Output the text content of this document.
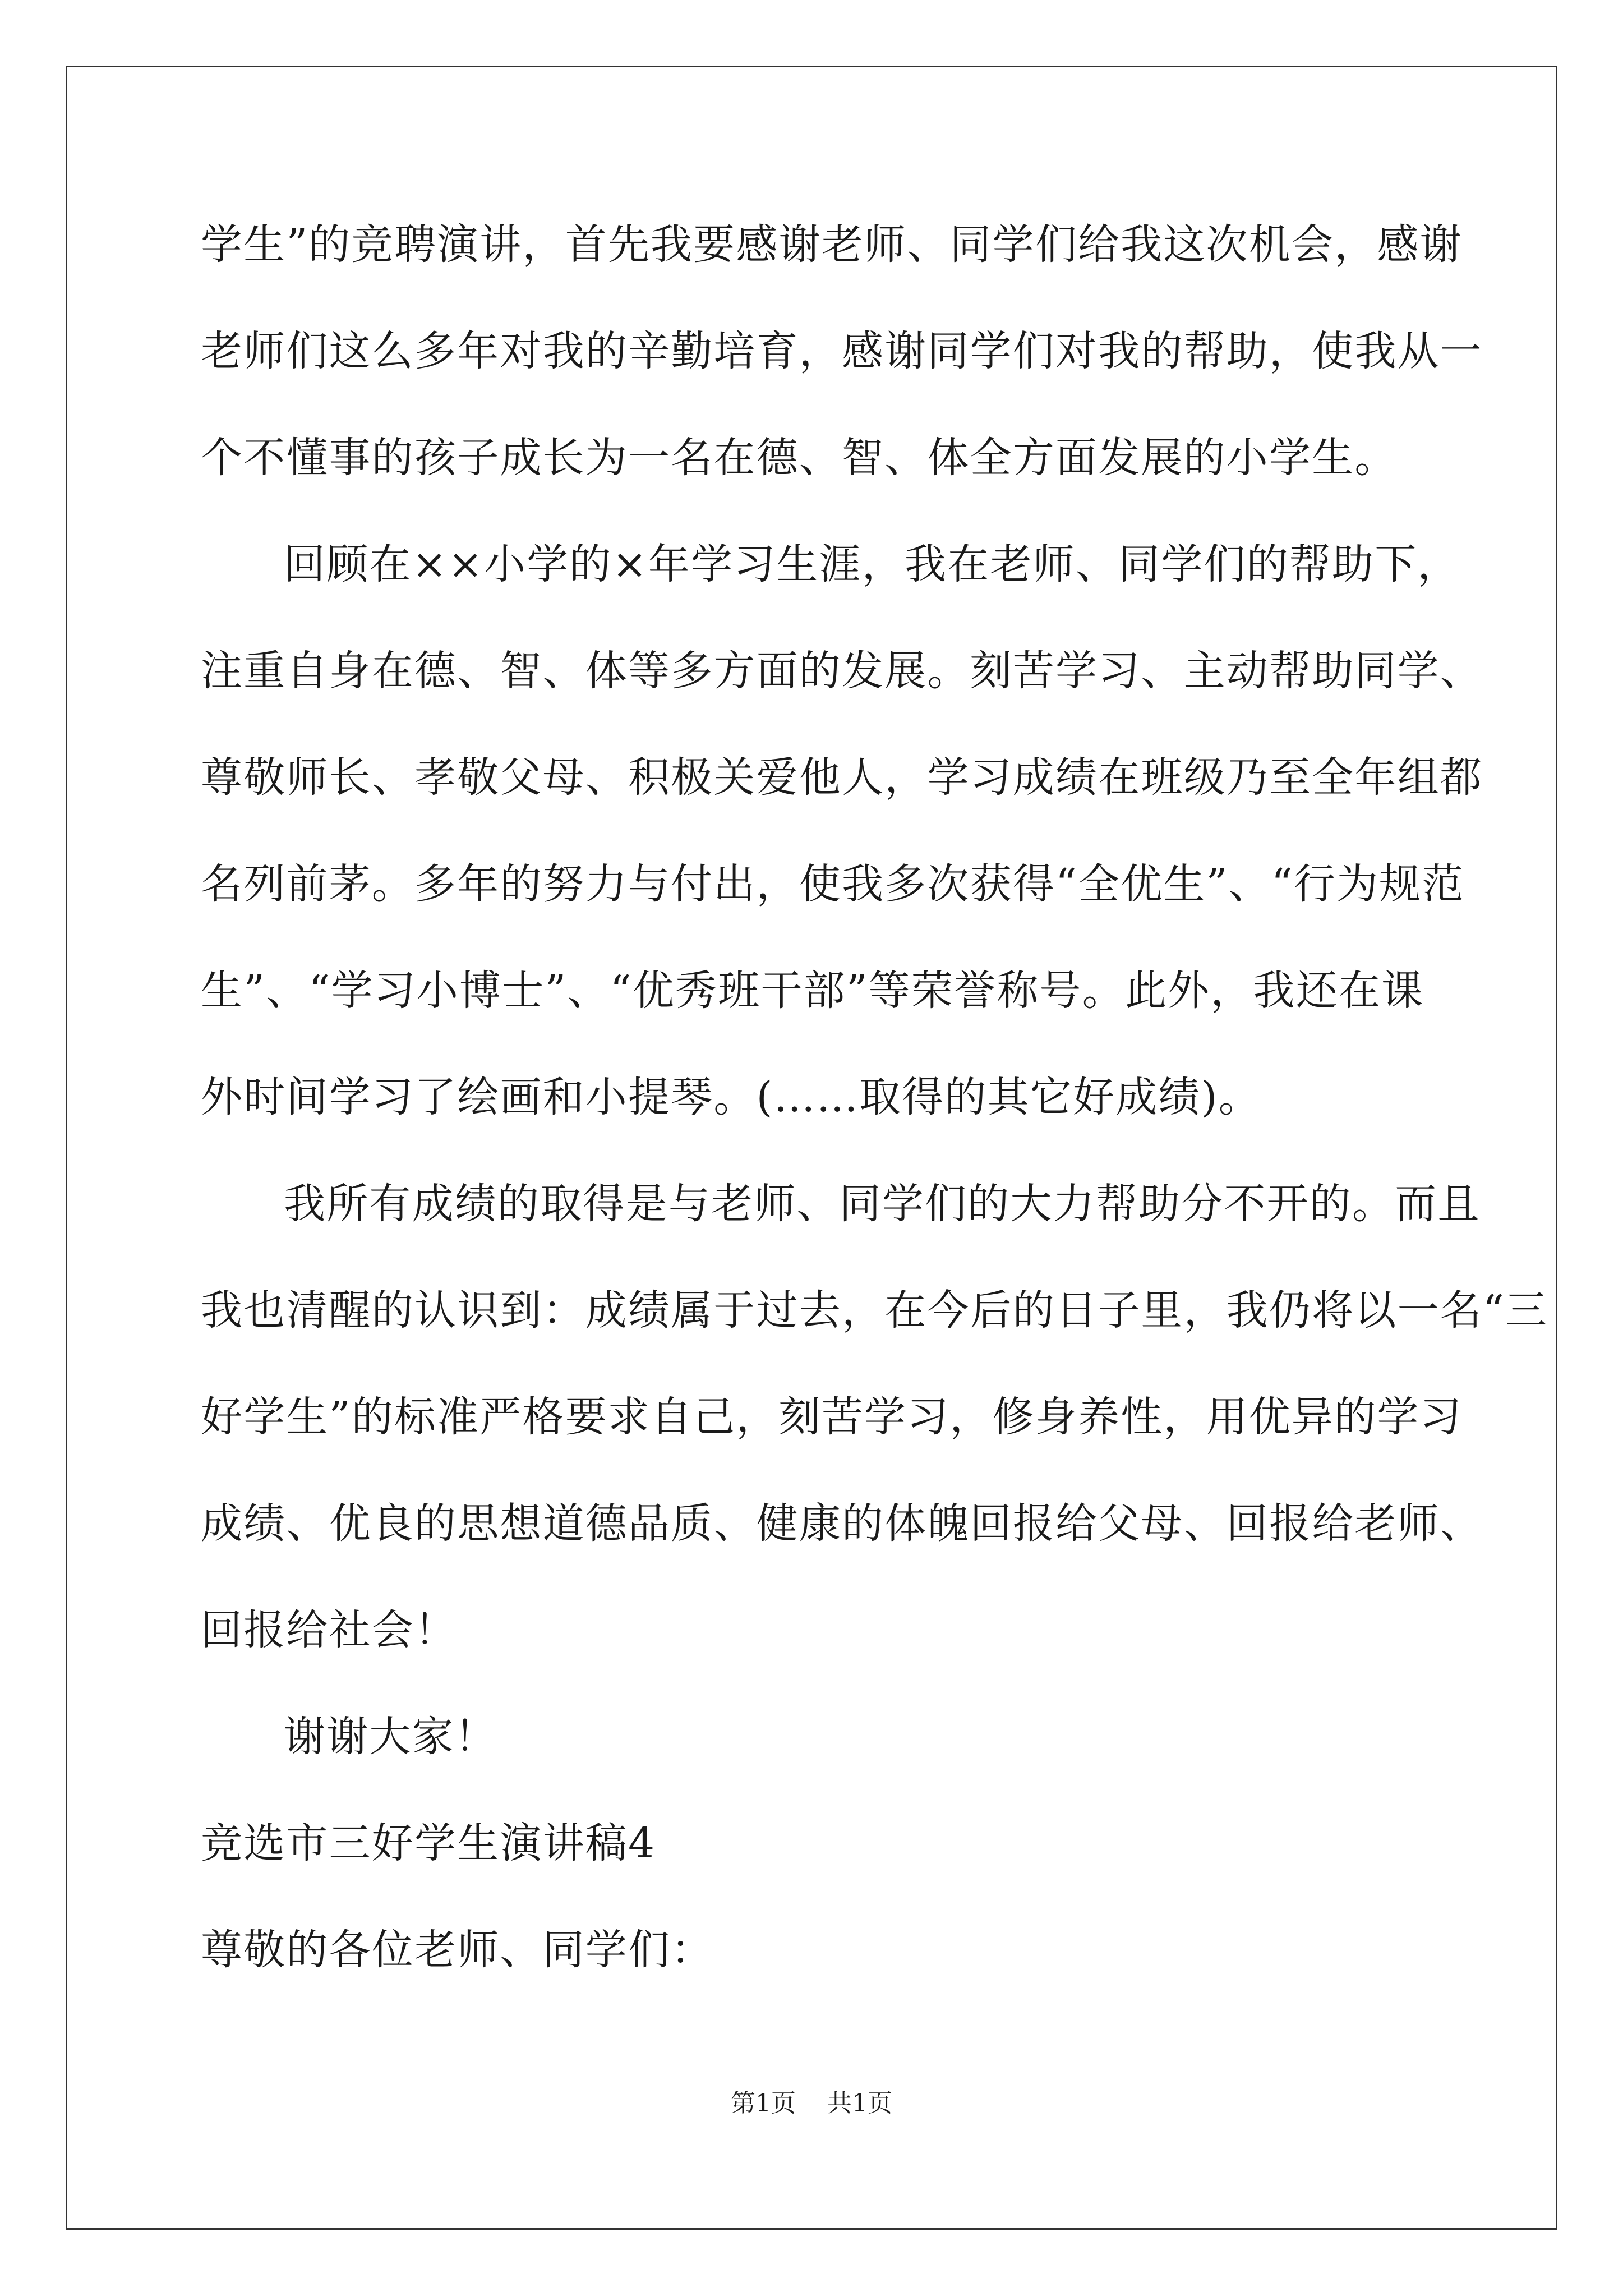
学生”的竞聘演讲，首先我要感谢老师、同学们给我这次机会，感谢
老师们这么多年对我的辛勤培育，感谢同学们对我的帮助，使我从一
个不懂事的孩子成长为一名在德、智、体全方面发展的小学生。
回顾在××小学的×年学习生涯，我在老师、同学们的帮助下，
注重自身在德、智、体等多方面的发展。刻苦学习、主动帮助同学、
尊敬师长、孝敬父母、积极关爱他人，学习成绩在班级乃至全年组都
名列前茅。多年的努力与付出，使我多次获得“全优生”、“行为规范
生”、“学习小博士”、“优秀班干部”等荣誉称号。此外，我还在课
外时间学习了绘画和小提琴。(……取得的其它好成绩)。
我所有成绩的取得是与老师、同学们的大力帮助分不开的。而且
我也清醒的认识到：成绩属于过去，在今后的日子里，我仍将以一名“三
好学生”的标准严格要求自己，刻苦学习，修身养性，用优异的学习
成绩、优良的思想道德品质、健康的体魄回报给父母、回报给老师、
回报给社会！
谢谢大家！
竞选市三好学生演讲稿4
尊敬的各位老师、同学们：
第1页 共1页
